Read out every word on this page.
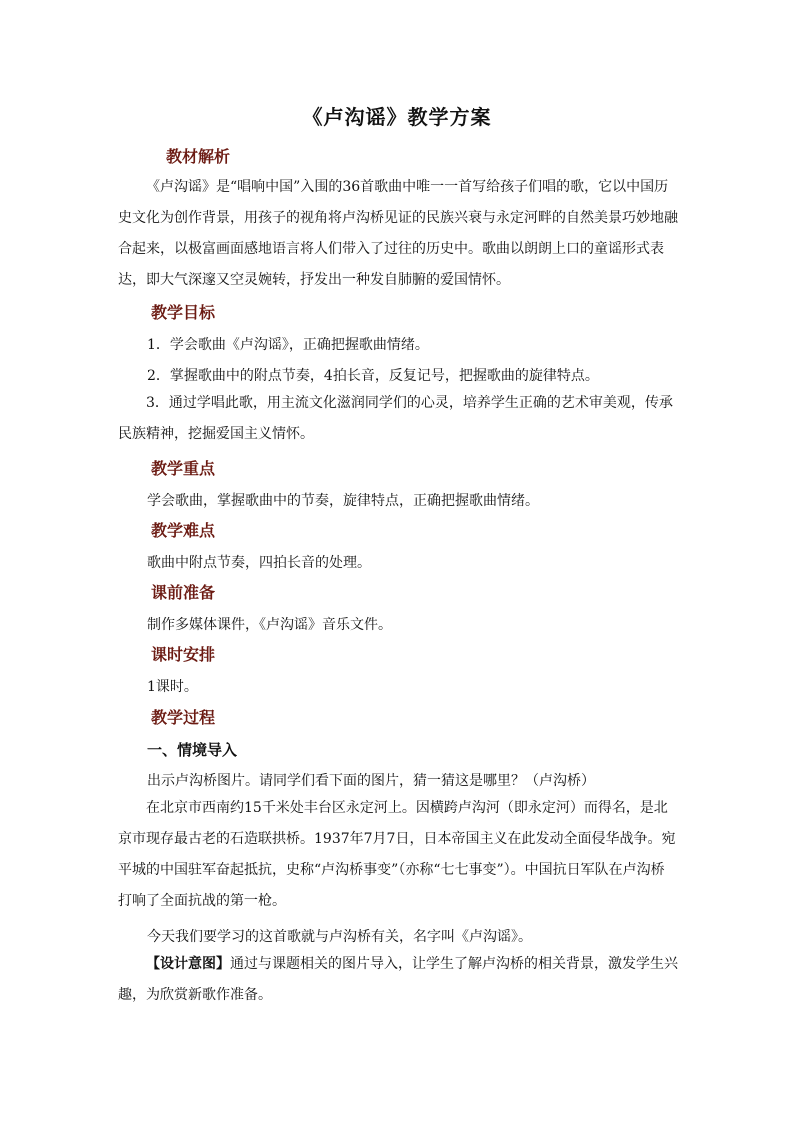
《卢沟谣》教学方案
教材解析
《卢沟谣》是“唱响中国”入围的36首歌曲中唯一一首写给孩子们唱的歌，它以中国历史文化为创作背景，用孩子的视角将卢沟桥见证的民族兴衰与永定河畔的自然美景巧妙地融合起来，以极富画面感地语言将人们带入了过往的历史中。歌曲以朗朗上口的童谣形式表达，即大气深邃又空灵婉转，抒发出一种发自肺腑的爱国情怀。
教学目标
1．学会歌曲《卢沟谣》，正确把握歌曲情绪。
2．掌握歌曲中的附点节奏，4拍长音，反复记号，把握歌曲的旋律特点。
3．通过学唱此歌，用主流文化滋润同学们的心灵，培养学生正确的艺术审美观，传承民族精神，挖掘爱国主义情怀。
教学重点
学会歌曲，掌握歌曲中的节奏，旋律特点，正确把握歌曲情绪。
教学难点
歌曲中附点节奏，四拍长音的处理。
课前准备
制作多媒体课件，《卢沟谣》音乐文件。
课时安排
1课时。
教学过程
一、情境导入
出示卢沟桥图片。请同学们看下面的图片，猜一猜这是哪里？（卢沟桥）
在北京市西南约15千米处丰台区永定河上。因横跨卢沟河（即永定河）而得名，是北京市现存最古老的石造联拱桥。1937年7月7日，日本帝国主义在此发动全面侵华战争。宛平城的中国驻军奋起抵抗，史称“卢沟桥事变”（亦称“七七事变”）。中国抗日军队在卢沟桥打响了全面抗战的第一枪。
今天我们要学习的这首歌就与卢沟桥有关，名字叫《卢沟谣》。
【设计意图】通过与课题相关的图片导入，让学生了解卢沟桥的相关背景，激发学生兴趣，为欣赏新歌作准备。
